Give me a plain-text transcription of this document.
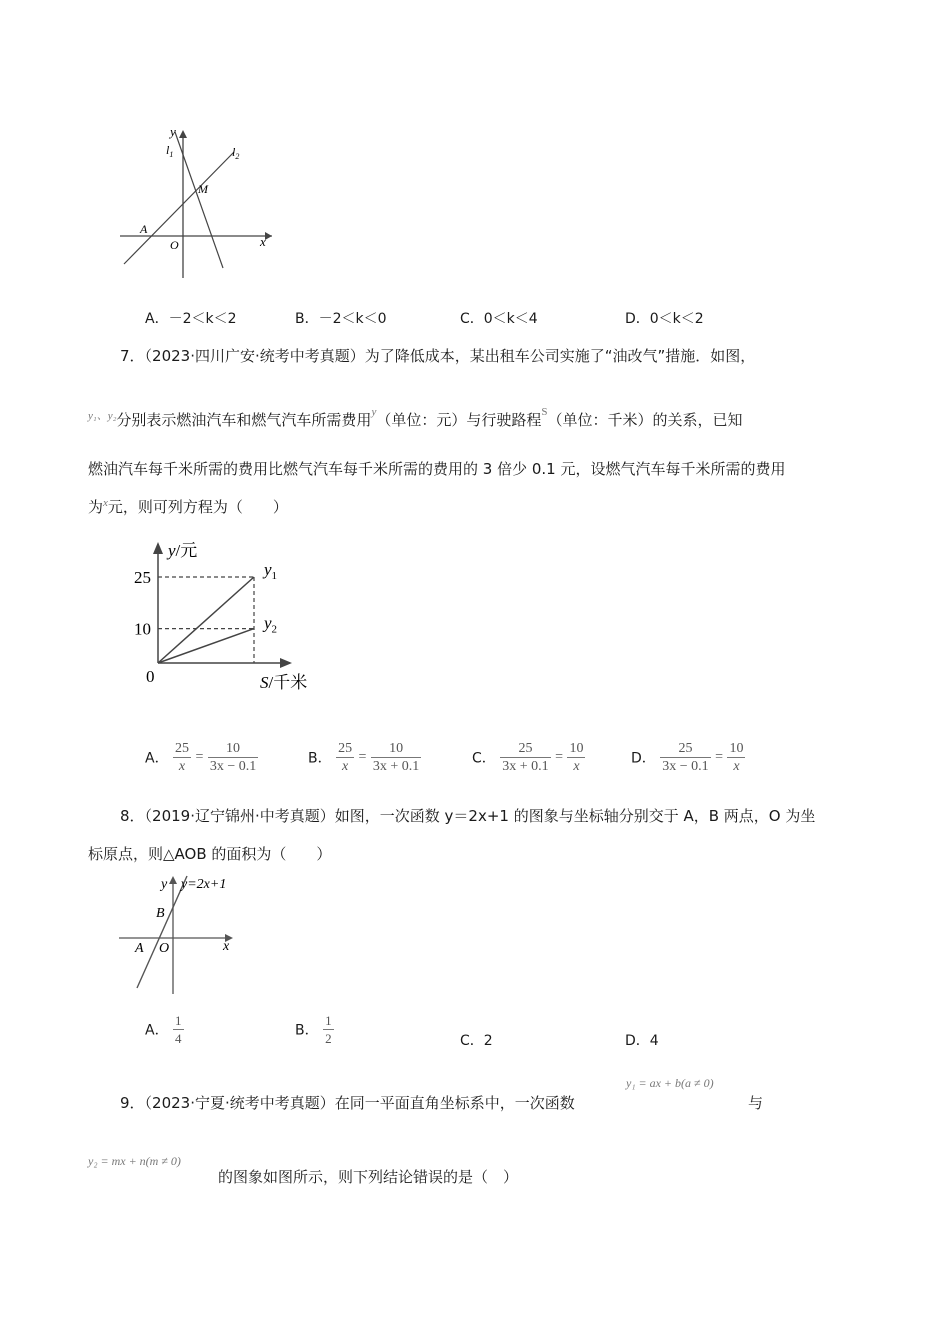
y
$l_1$	$l_2$
M
A
O	x
A．－2＜k＜2	B．－2＜k＜0	C．0＜k＜4	D．0＜k＜2
7．（2023·四川广安·统考中考真题）为了降低成本，某出租车公司实施了“油改气”措施．如图，
$^{y_1、y_2}$分别表示燃油汽车和燃气汽车所需费用$^y$（单位：元）与行驶路程$^S$（单位：千米）的关系，已知
燃油汽车每千米所需的费用比燃气汽车每千米所需的费用的 3 倍少 0.1 元，设燃气汽车每千米所需的费用
为$^x$元，则可列方程为（　　）
y/元
S/千米
0
$y_1$
$y_2$
25
10
A． $\frac{25}{x} = \frac{10}{3x - 0.1}$	B． $\frac{25}{x} = \frac{10}{3x + 0.1}$	C． $\frac{25}{3x + 0.1} = \frac{10}{x}$	D． $\frac{25}{3x - 0.1} = \frac{10}{x}$
8．（2019·辽宁锦州·中考真题）如图，一次函数 y＝2x+1 的图象与坐标轴分别交于 A，B 两点，O 为坐
标原点，则△AOB 的面积为（　　）
y y=2x+1
B
A O	x
A． $\frac{1}{4}$	B． $\frac{1}{2}$	C．2	D．4
9．（2023·宁夏·统考中考真题）在同一平面直角坐标系中，一次函数
y₁ = ax + b(a ≠ 0)
与
y₂ = mx + n(m ≠ 0)
的图象如图所示，则下列结论错误的是（　）
